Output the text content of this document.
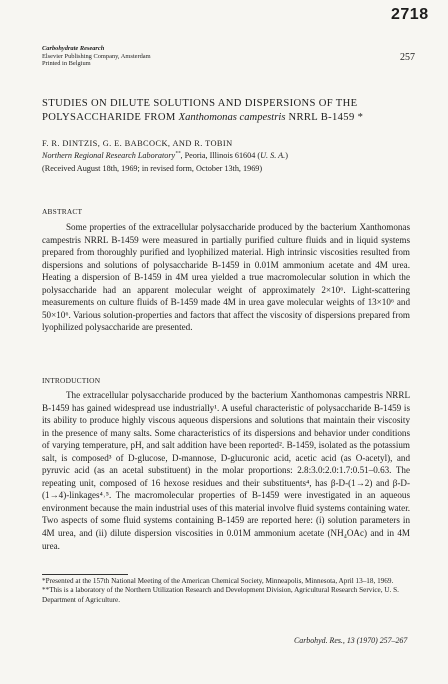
2718
257
Carbohydrate Research
Elsevier Publishing Company, Amsterdam
Printed in Belgium
STUDIES ON DILUTE SOLUTIONS AND DISPERSIONS OF THE
POLYSACCHARIDE FROM Xanthomonas campestris NRRL B-1459 *
F. R. DINTZIS, G. E. BABCOCK, AND R. TOBIN
Northern Regional Research Laboratory**, Peoria, Illinois 61604 (U. S. A.)
(Received August 18th, 1969; in revised form, October 13th, 1969)
ABSTRACT

Some properties of the extracellular polysaccharide produced by the bacterium Xanthomonas campestris NRRL B-1459 were measured in partially purified culture fluids and in liquid systems prepared from thoroughly purified and lyophilized material. High intrinsic viscosities resulted from dispersions and solutions of polysaccharide B-1459 in 0.01M ammonium acetate and 4M urea. Heating a dispersion of B-1459 in 4M urea yielded a true macromolecular solution in which the polysaccharide had an apparent molecular weight of approximately 2×10⁶. Light-scattering measurements on culture fluids of B-1459 made 4M in urea gave molecular weights of 13×10⁶ and 50×10⁶. Various solution-properties and factors that affect the viscosity of dispersions prepared from lyophilized polysaccharide are presented.

INTRODUCTION

The extracellular polysaccharide produced by the bacterium Xanthomonas campestris NRRL B-1459 has gained widespread use industrially¹. A useful characteristic of polysaccharide B-1459 is its ability to produce highly viscous aqueous dispersions and solutions that maintain their viscosity in the presence of many salts. Some characteristics of its dispersions and behavior under conditions of varying temperature, pH, and salt addition have been reported². B-1459, isolated as the potassium salt, is composed³ of D-glucose, D-mannose, D-glucuronic acid, acetic acid (as O-acetyl), and pyruvic acid (as an acetal substituent) in the molar proportions: 2.8:3.0:2.0:1.7:0.51–0.63. The repeating unit, composed of 16 hexose residues and their substituents⁴, has β-D-(1→2) and β-D-(1→4)-linkages⁴˒⁵. The macromolecular properties of B-1459 were investigated in an aqueous environment because the main industrial uses of this material involve fluid systems containing water. Two aspects of some fluid systems containing B-1459 are reported here: (i) solution parameters in 4M urea, and (ii) dilute dispersion viscosities in 0.01M ammonium acetate (NH₄OAc) and in 4M urea.

*Presented at the 157th National Meeting of the American Chemical Society, Minneapolis, Minnesota, April 13–18, 1969.

**This is a laboratory of the Northern Utilization Research and Development Division, Agricultural Research Service, U. S. Department of Agriculture.

Carbohyd. Res., 13 (1970) 257–267
